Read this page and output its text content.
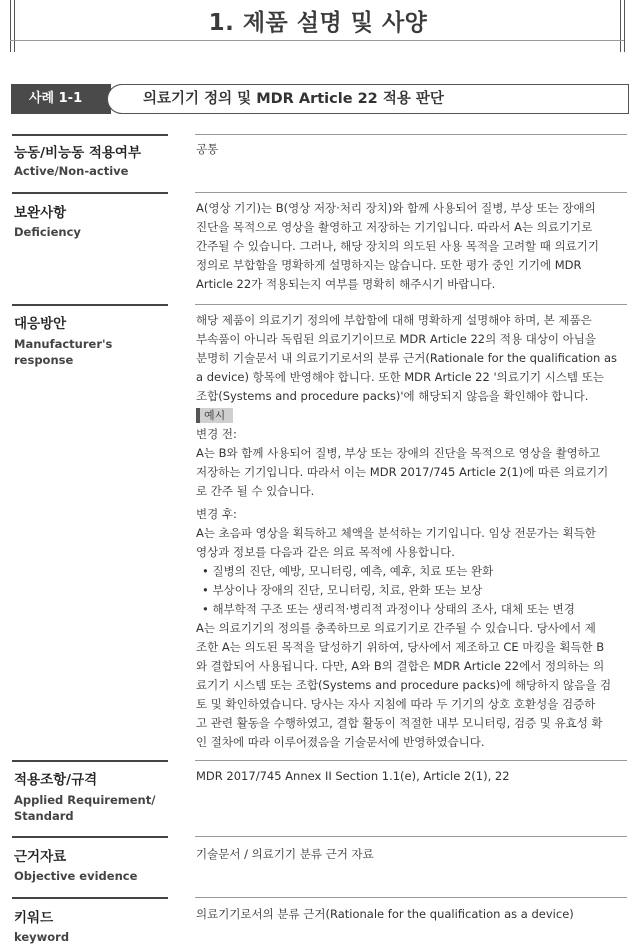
1. 제품 설명 및 사양
사례 1-1	의료기기 정의 및 MDR Article 22 적용 판단
능동/비능동 적용여부
Active/Non-active
공통
보완사항
Deficiency

A(영상 기기)는 B(영상 저장·처리 장치)와 함께 사용되어 질병, 부상 또는 장애의

진단을 목적으로 영상을 촬영하고 저장하는 기기입니다. 따라서 A는 의료기기로

간주될 수 있습니다. 그러나, 해당 장치의 의도된 사용 목적을 고려할 때 의료기기

정의로 부합함을 명확하게 설명하지는 않습니다. 또한 평가 중인 기기에 MDR

Article 22가 적용되는지 여부를 명확히 해주시기 바랍니다.

대응방안
Manufacturer's response

해당 제품이 의료기기 정의에 부합함에 대해 명확하게 설명해야 하며, 본 제품은

부속품이 아니라 독립된 의료기기이므로 MDR Article 22의 적용 대상이 아님을

분명히 기술문서 내 의료기기로서의 분류 근거(Rationale for the qualification as

a device) 항목에 반영해야 합니다. 또한 MDR Article 22 '의료기기 시스템 또는

조합(Systems and procedure packs)'에 해당되지 않음을 확인해야 합니다.

예시

변경 전:

A는 B와 함께 사용되어 질병, 부상 또는 장애의 진단을 목적으로 영상을 촬영하고

저장하는 기기입니다. 따라서 이는 MDR 2017/745 Article 2(1)에 따른 의료기기

로 간주 될 수 있습니다.

변경 후:

A는 초음파 영상을 획득하고 체액을 분석하는 기기입니다. 임상 전문가는 획득한

영상과 정보를 다음과 같은 의료 목적에 사용합니다.

• 질병의 진단, 예방, 모니터링, 예측, 예후, 치료 또는 완화

• 부상이나 장애의 진단, 모니터링, 치료, 완화 또는 보상

• 해부학적 구조 또는 생리적·병리적 과정이나 상태의 조사, 대체 또는 변경

A는 의료기기의 정의를 충족하므로 의료기기로 간주될 수 있습니다. 당사에서 제

조한 A는 의도된 목적을 달성하기 위하여, 당사에서 제조하고 CE 마킹을 획득한 B

와 결합되어 사용됩니다. 다만, A와 B의 결합은 MDR Article 22에서 정의하는 의

료기기 시스템 또는 조합(Systems and procedure packs)에 해당하지 않음을 검

토 및 확인하였습니다. 당사는 자사 지침에 따라 두 기기의 상호 호환성을 검증하

고 관련 활동을 수행하였고, 결합 활동이 적절한 내부 모니터링, 검증 및 유효성 확

인 절차에 따라 이루어졌음을 기술문서에 반영하였습니다.

적용조항/규격
Applied Requirement/ Standard
MDR 2017/745 Annex II Section 1.1(e), Article 2(1), 22
근거자료
Objective evidence
기술문서 / 의료기기 분류 근거 자료
키워드
keyword
의료기기로서의 분류 근거(Rationale for the qualification as a device)
